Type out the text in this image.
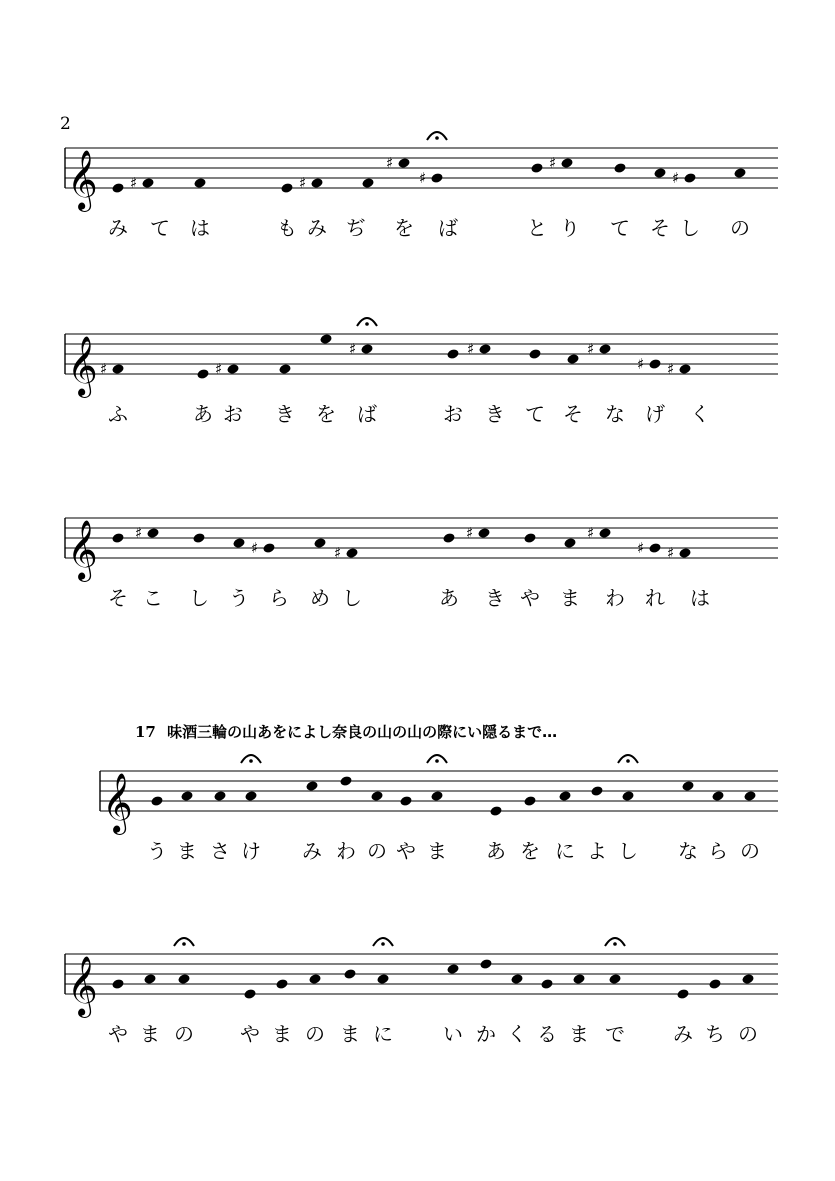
2
17 味酒三輪の山あをによし奈良の山の山の際にい隠るまで…
𝄞 ♯	♯
♯
♯
♯
♯
み て は	も み ぢ を ば	と り て そ し の
𝄞 ♯	♯
♯	♯	♯
♯ ♯
ふ	あ お き を ば	お き て そ な げ く
𝄞 ♯
♯	♯
♯	♯
♯ ♯
そ こ し う ら め し	あ き や ま わ れ は
𝄞
う ま さ け み わ の や ま あ を に よ し な ら の
𝄞
や ま の や ま の ま に	い か く る ま で み ち の
